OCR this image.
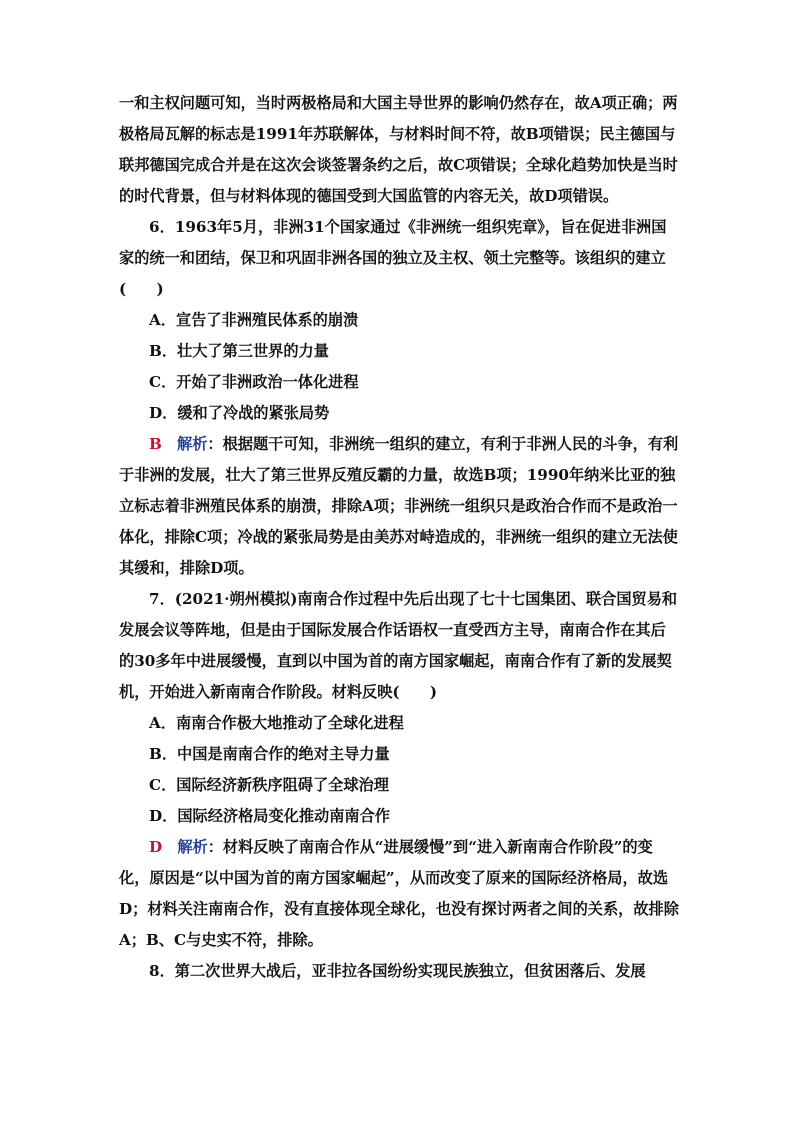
一和主权问题可知，当时两极格局和大国主导世界的影响仍然存在，故A项正确；两极格局瓦解的标志是1991年苏联解体，与材料时间不符，故B项错误；民主德国与联邦德国完成合并是在这次会谈签署条约之后，故C项错误；全球化趋势加快是当时的时代背景，但与材料体现的德国受到大国监管的内容无关，故D项错误。

6．1963年5月，非洲31个国家通过《非洲统一组织宪章》，旨在促进非洲国家的统一和团结，保卫和巩固非洲各国的独立及主权、领土完整等。该组织的建立(　　)

A．宣告了非洲殖民体系的崩溃

B．壮大了第三世界的力量

C．开始了非洲政治一体化进程

D．缓和了冷战的紧张局势

B　 解析：根据题干可知，非洲统一组织的建立，有利于非洲人民的斗争，有利于非洲的发展，壮大了第三世界反殖反霸的力量，故选B项；1990年纳米比亚的独立标志着非洲殖民体系的崩溃，排除A项；非洲统一组织只是政治合作而不是政治一体化，排除C项；冷战的紧张局势是由美苏对峙造成的，非洲统一组织的建立无法使其缓和，排除D项。

7．(2021·朔州模拟)南南合作过程中先后出现了七十七国集团、联合国贸易和发展会议等阵地，但是由于国际发展合作话语权一直受西方主导，南南合作在其后的30多年中进展缓慢，直到以中国为首的南方国家崛起，南南合作有了新的发展契机，开始进入新南南合作阶段。材料反映(　　)

A．南南合作极大地推动了全球化进程

B．中国是南南合作的绝对主导力量

C．国际经济新秩序阻碍了全球治理

D．国际经济格局变化推动南南合作

D　 解析：材料反映了南南合作从“进展缓慢”到“进入新南南合作阶段”的变化，原因是“以中国为首的南方国家崛起”，从而改变了原来的国际经济格局，故选D；材料关注南南合作，没有直接体现全球化，也没有探讨两者之间的关系，故排除A；B、C与史实不符，排除。

8．第二次世界大战后，亚非拉各国纷纷实现民族独立，但贫困落后、发展
